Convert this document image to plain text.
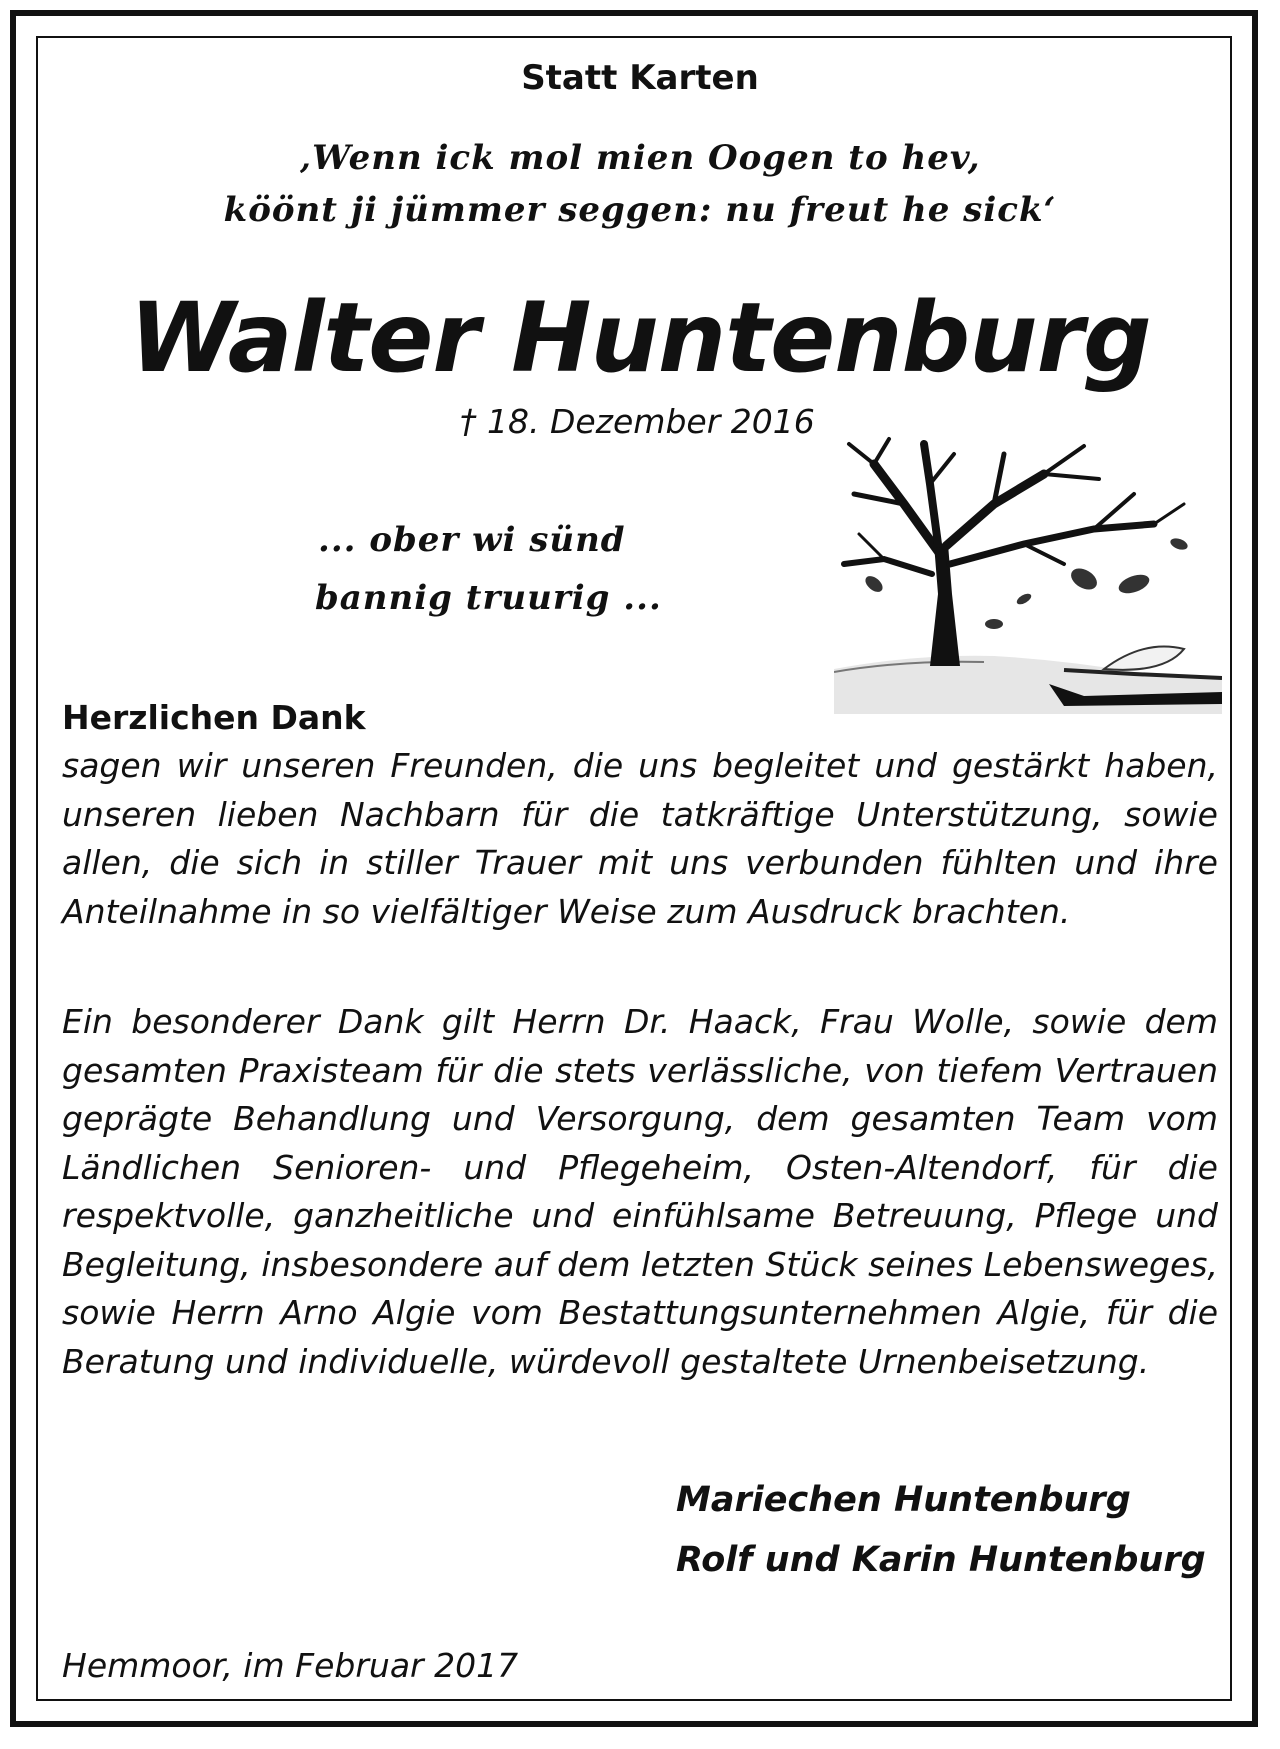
Statt Karten
‚Wenn ick mol mien Oogen to hev,
köönt ji jümmer seggen: nu freut he sick‘
Walter Huntenburg
† 18. Dezember 2016
... ober wi sünd
bannig truurig ...
Herzlichen Dank
sagen wir unseren Freunden, die uns begleitet und gestärkt haben, unseren lieben Nachbarn für die tatkräftige Unterstützung, sowie allen, die sich in stiller Trauer mit uns verbunden fühlten und ihre Anteilnahme in so vielfältiger Weise zum Ausdruck brachten.
Ein besonderer Dank gilt Herrn Dr. Haack, Frau Wolle, sowie dem gesamten Praxisteam für die stets verlässliche, von tiefem Vertrauen geprägte Behandlung und Versorgung, dem gesamten Team vom Ländlichen Senioren- und Pflegeheim, Osten-Altendorf, für die respektvolle, ganzheitliche und einfühlsame Betreuung, Pflege und Begleitung, insbesondere auf dem letzten Stück seines Lebensweges, sowie Herrn Arno Algie vom Bestattungsunternehmen Algie, für die Beratung und individuelle, würdevoll gestaltete Urnenbeisetzung.
Mariechen Huntenburg
Rolf und Karin Huntenburg
Hemmoor, im Februar 2017
